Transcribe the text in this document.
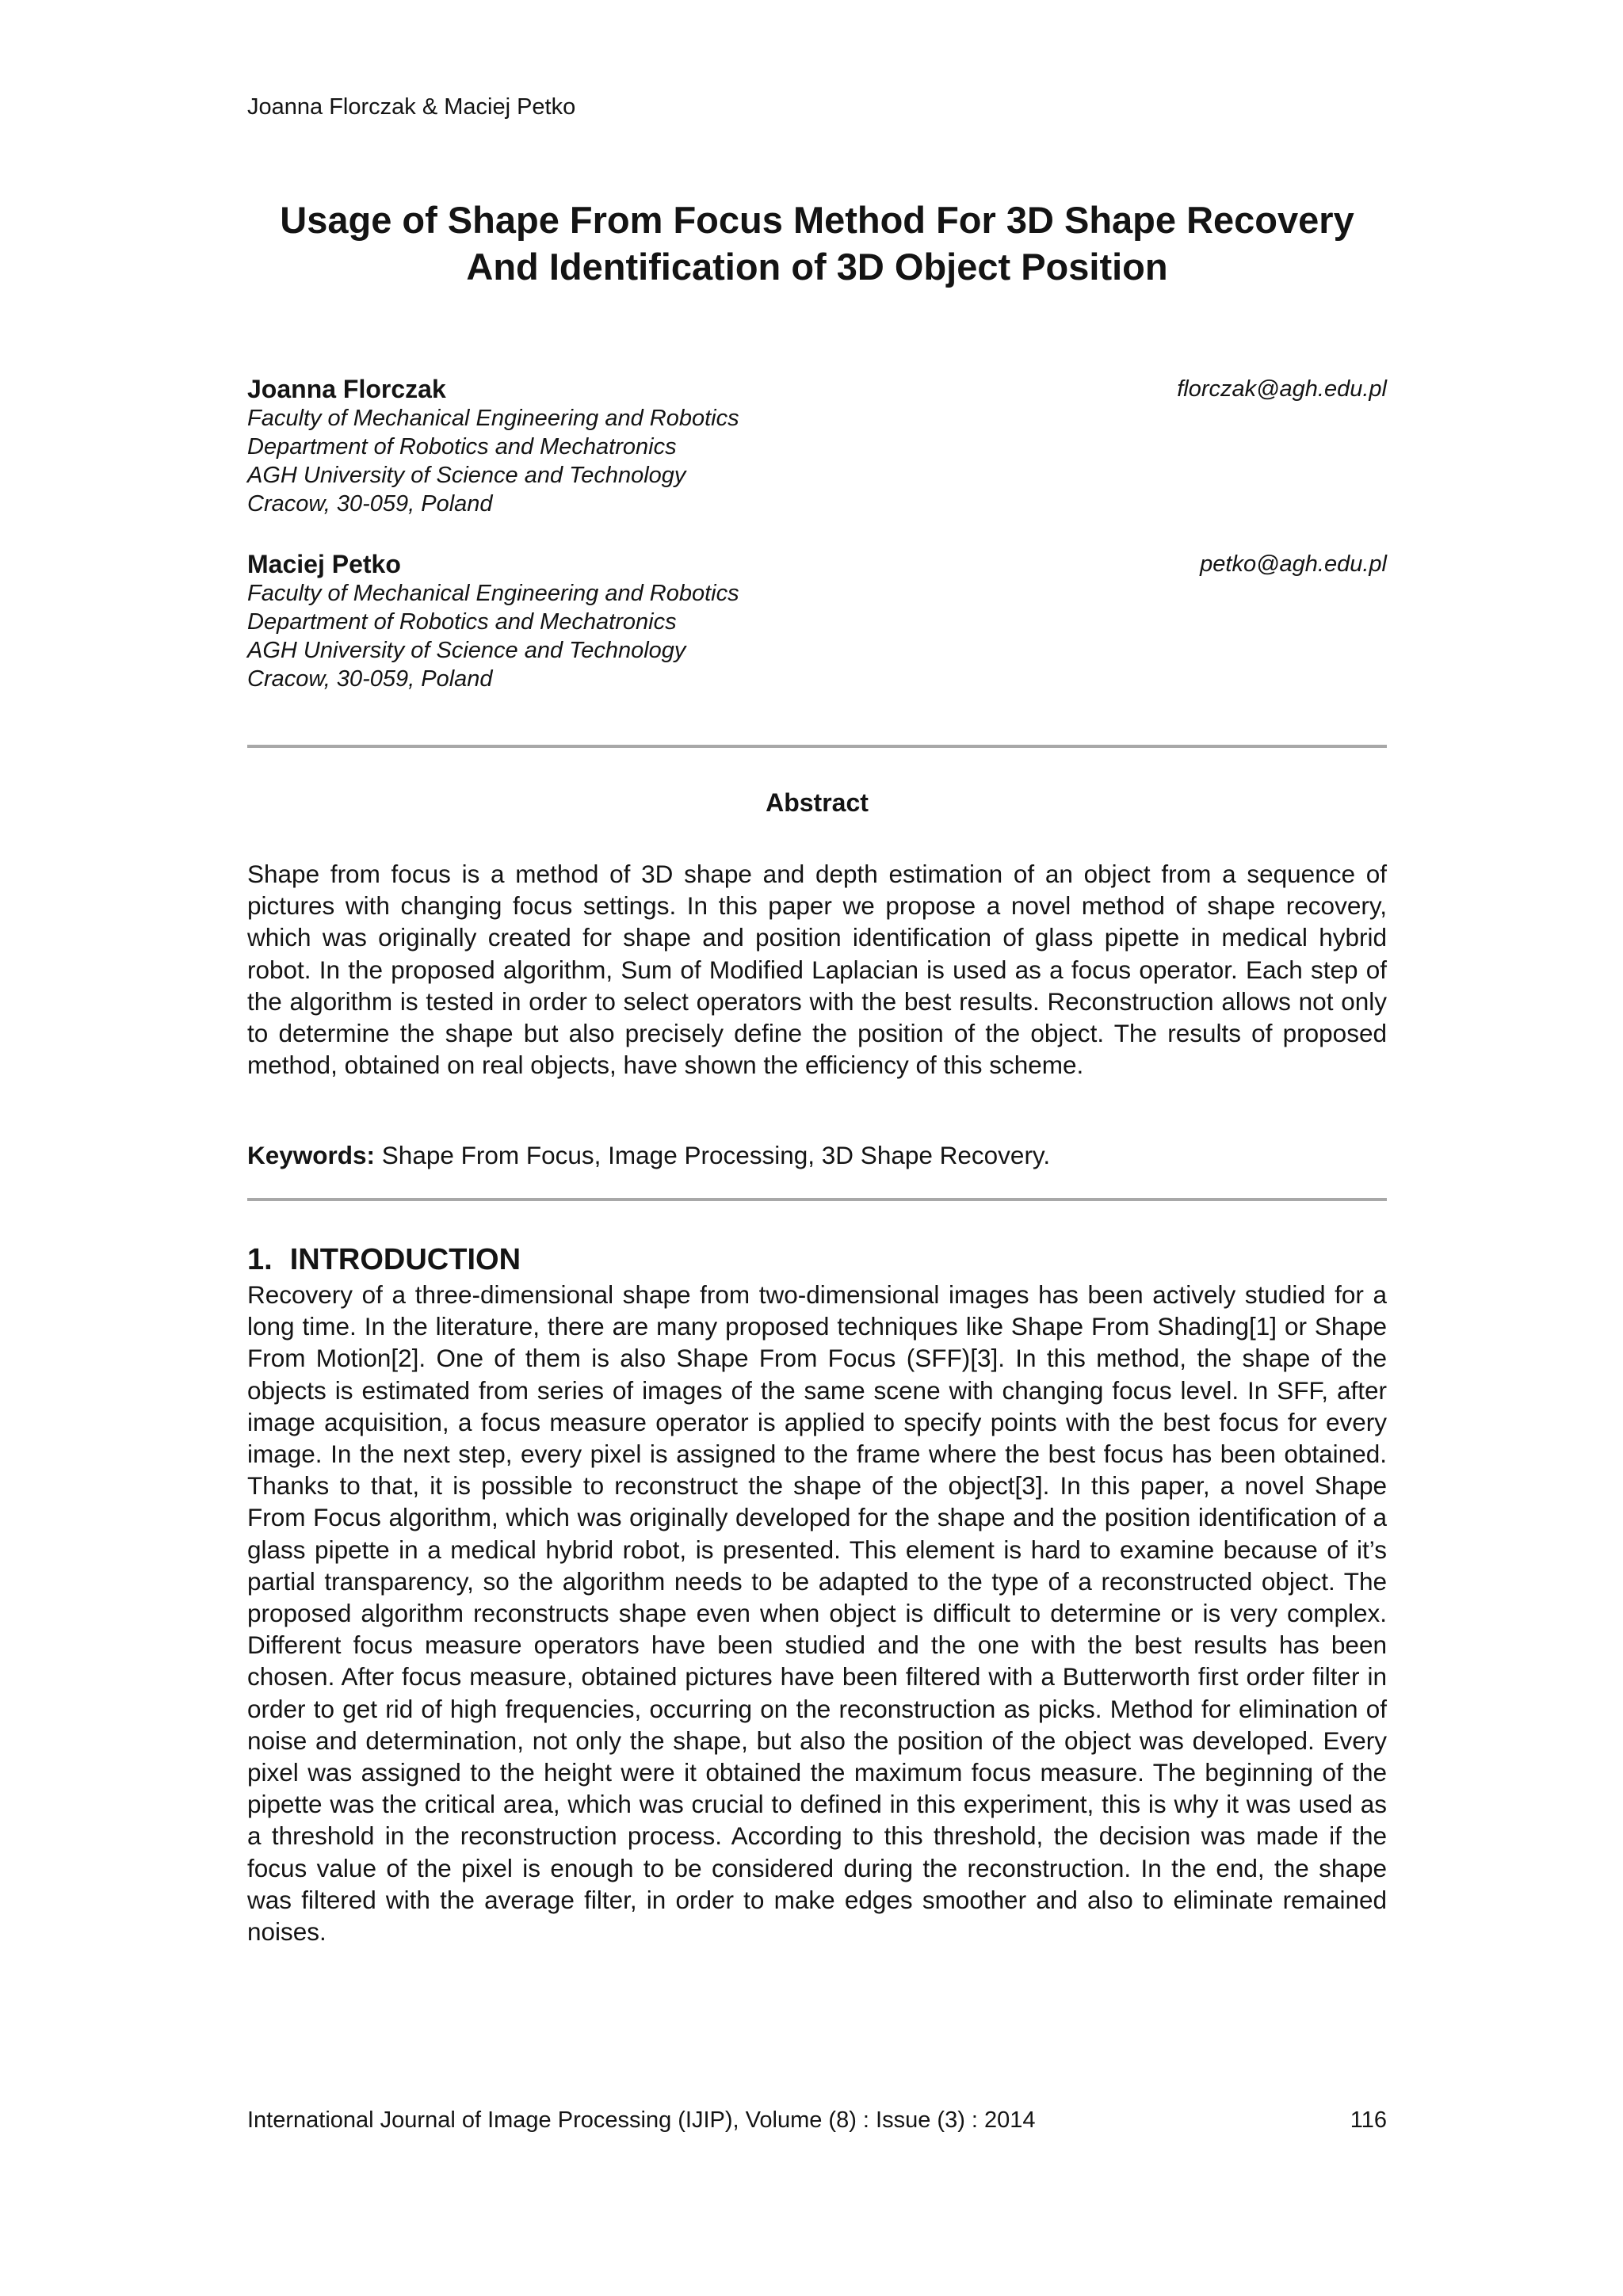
Joanna Florczak & Maciej Petko
Usage of Shape From Focus Method For 3D Shape Recovery
And Identification of 3D Object Position
Joanna Florczak	florczak@agh.edu.pl
Faculty of Mechanical Engineering and Robotics
Department of Robotics and Mechatronics
AGH University of Science and Technology
Cracow, 30-059, Poland
Maciej Petko	petko@agh.edu.pl
Faculty of Mechanical Engineering and Robotics
Department of Robotics and Mechatronics
AGH University of Science and Technology
Cracow, 30-059, Poland
Abstract
Shape from focus is a method of 3D shape and depth estimation of an object from a sequence of pictures with changing focus settings. In this paper we propose a novel method of shape recovery, which was originally created for shape and position identification of glass pipette in medical hybrid robot. In the proposed algorithm, Sum of Modified Laplacian is used as a focus operator. Each step of the algorithm is tested in order to select operators with the best results. Reconstruction allows not only to determine the shape but also precisely define the position of the object. The results of proposed method, obtained on real objects, have shown the efficiency of this scheme.
Keywords: Shape From Focus, Image Processing, 3D Shape Recovery.
1. INTRODUCTION
Recovery of a three-dimensional shape from two-dimensional images has been actively studied for a long time. In the literature, there are many proposed techniques like Shape From Shading[1] or Shape From Motion[2]. One of them is also Shape From Focus (SFF)[3]. In this method, the shape of the objects is estimated from series of images of the same scene with changing focus level. In SFF, after image acquisition, a focus measure operator is applied to specify points with the best focus for every image. In the next step, every pixel is assigned to the frame where the best focus has been obtained. Thanks to that, it is possible to reconstruct the shape of the object[3]. In this paper, a novel Shape From Focus algorithm, which was originally developed for the shape and the position identification of a glass pipette in a medical hybrid robot, is presented. This element is hard to examine because of it’s partial transparency, so the algorithm needs to be adapted to the type of a reconstructed object. The proposed algorithm reconstructs shape even when object is difficult to determine or is very complex. Different focus measure operators have been studied and the one with the best results has been chosen. After focus measure, obtained pictures have been filtered with a Butterworth first order filter in order to get rid of high frequencies, occurring on the reconstruction as picks. Method for elimination of noise and determination, not only the shape, but also the position of the object was developed. Every pixel was assigned to the height were it obtained the maximum focus measure. The beginning of the pipette was the critical area, which was crucial to defined in this experiment, this is why it was used as a threshold in the reconstruction process. According to this threshold, the decision was made if the focus value of the pixel is enough to be considered during the reconstruction. In the end, the shape was filtered with the average filter, in order to make edges smoother and also to eliminate remained noises.
International Journal of Image Processing (IJIP), Volume (8) : Issue (3) : 2014	116
